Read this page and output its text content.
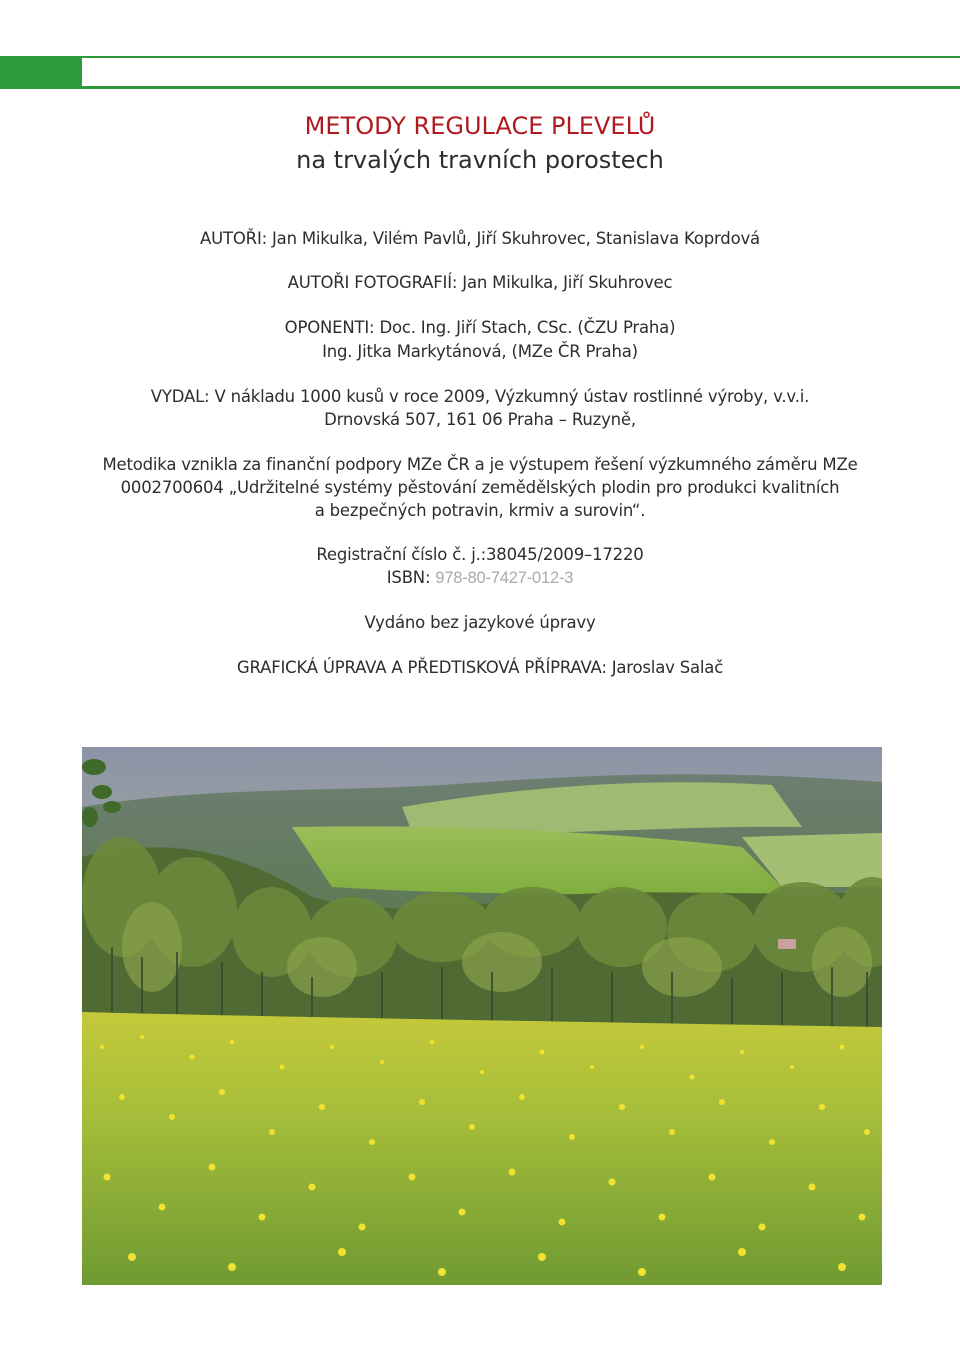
METODY REGULACE PLEVELŮ
na trvalých travních porostech
AUTOŘI: Jan Mikulka, Vilém Pavlů, Jiří Skuhrovec, Stanislava Koprdová
AUTOŘI FOTOGRAFIÍ: Jan Mikulka, Jiří Skuhrovec
OPONENTI: Doc. Ing. Jiří Stach, CSc. (ČZU Praha)
Ing. Jitka Markytánová, (MZe ČR Praha)
VYDAL: V nákladu 1000 kusů v roce 2009, Výzkumný ústav rostlinné výroby, v.v.i.
Drnovská 507, 161 06 Praha – Ruzyně,
Metodika vznikla za finanční podpory MZe ČR a je výstupem řešení výzkumného záměru MZe
0002700604 „Udržitelné systémy pěstování zemědělských plodin pro produkci kvalitních
a bezpečných potravin, krmiv a surovin“.
Registrační číslo č. j.:38045/2009–17220
ISBN: 978-80-7427-012-3
Vydáno bez jazykové úpravy
GRAFICKÁ ÚPRAVA A PŘEDTISKOVÁ PŘÍPRAVA: Jaroslav Salač
